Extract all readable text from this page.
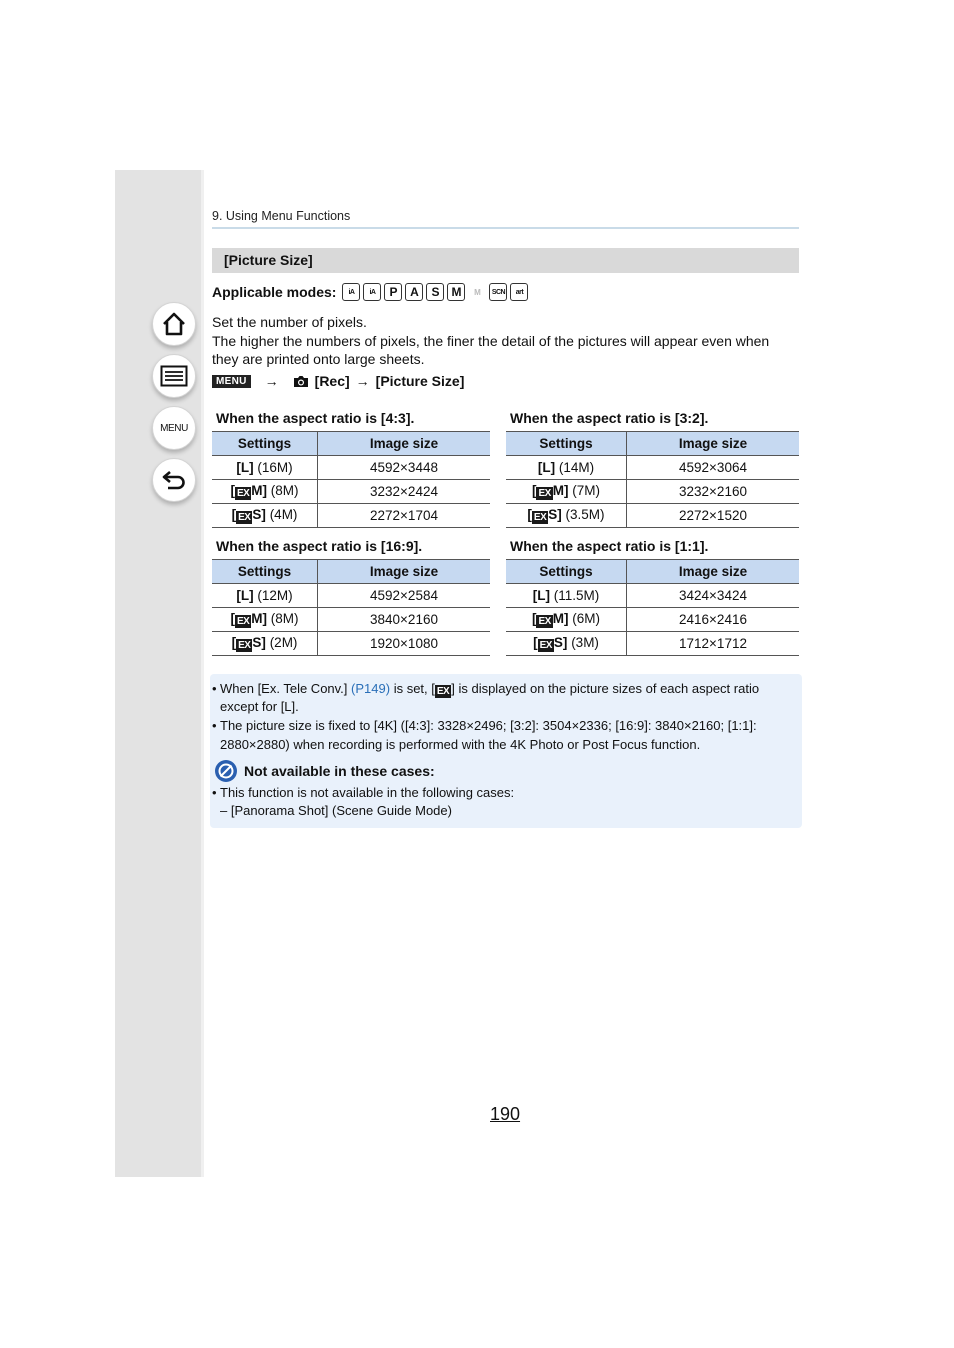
MENU
9. Using Menu Functions
[Picture Size]
Applicable modes:	iA	iA	P	A	S	M	M	SCN	art
Set the number of pixels.
The higher the numbers of pixels, the finer the detail of the pictures will appear even when
they are printed onto large sheets.
MENU →	[Rec] → [Picture Size]
When the aspect ratio is [4:3].
Settings	Image size
[L] (16M)	4592×3448
[ EX M] (8M)	3232×2424
[ EX S] (4M)	2272×1704
When the aspect ratio is [3:2].
Settings	Image size
[L] (14M)	4592×3064
[ EX M] (7M)	3232×2160
[ EX S] (3.5M)	2272×1520
When the aspect ratio is [16:9].
Settings	Image size
[L] (12M)	4592×2584
[ EX M] (8M)	3840×2160
[ EX S] (2M)	1920×1080
When the aspect ratio is [1:1].
Settings	Image size
[L] (11.5M)	3424×3424
[ EX M] (6M)	2416×2416
[ EX S] (3M)	1712×1712
• When [Ex. Tele Conv.] (P149) is set, [ EX ] is displayed on the picture sizes of each aspect ratio
except for [L].
• The picture size is fixed to [4K] ([4:3]: 3328×2496; [3:2]: 3504×2336; [16:9]: 3840×2160; [1:1]:
2880×2880) when recording is performed with the 4K Photo or Post Focus function.
Not available in these cases:
• This function is not available in the following cases:
– [Panorama Shot] (Scene Guide Mode)
190
